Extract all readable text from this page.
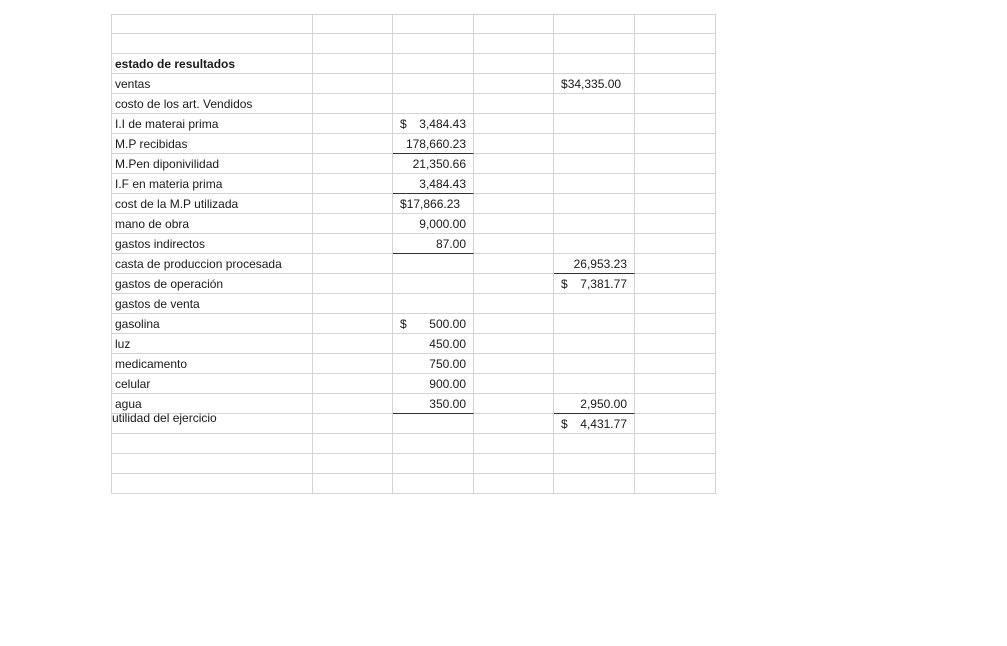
estado de resultados
ventas	$ 34,335.00
costo de los art. Vendidos
I.I de materai prima	$ 3,484.43
M.P recibidas	178,660.23
M.Pen diponivilidad	21,350.66
I.F en materia prima	3,484.43
cost de la M.P utilizada	$ 17,866.23
mano de obra	9,000.00
gastos indirectos	87.00
casta de produccion procesada	26,953.23
gastos de operación	$ 7,381.77
gastos de venta
gasolina	$ 500.00
luz	450.00
medicamento	750.00
celular	900.00
agua	350.00	2,950.00
utilidad del ejercicio	$ 4,431.77
